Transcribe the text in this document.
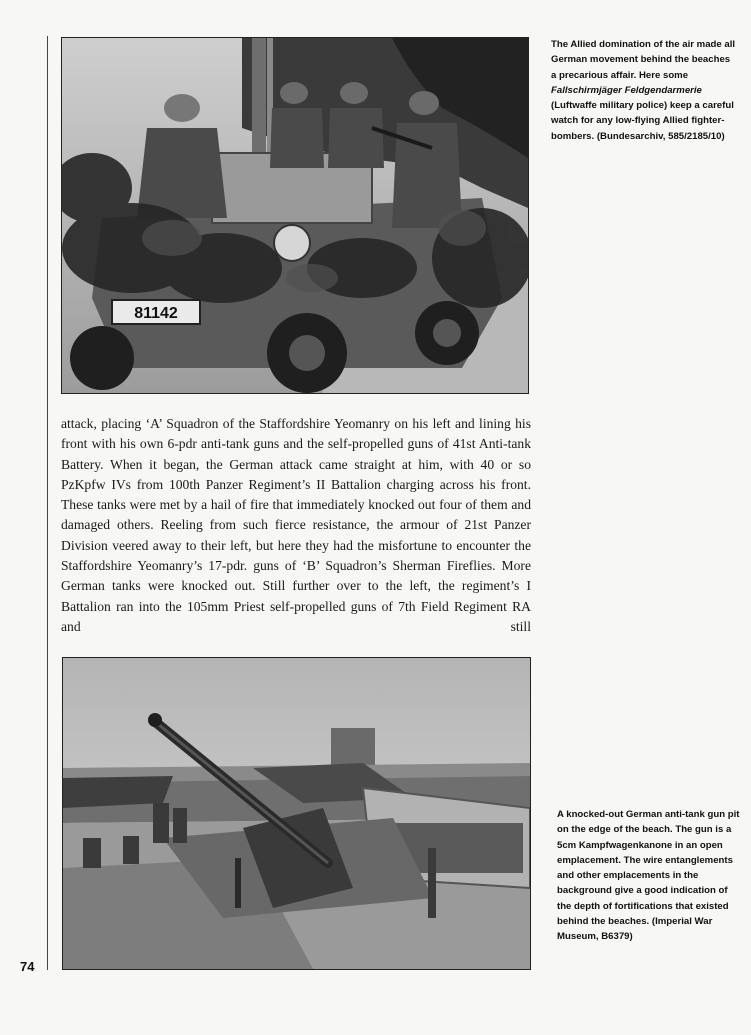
81142
The Allied domination of the air made all German movement behind the beaches a precarious affair. Here some Fallschirmjäger Feldgendarmerie (Luftwaffe military police) keep a careful watch for any low-flying Allied fighter-bombers. (Bundesarchiv, 585/2185/10)

attack, placing ‘A’ Squadron of the Staffordshire Yeomanry on his left and lining his front with his own 6-pdr anti-tank guns and the self-propelled guns of 41st Anti-tank Battery. When it began, the German attack came straight at him, with 40 or so PzKpfw IVs from 100th Panzer Regiment’s II Battalion charging across his front. These tanks were met by a hail of fire that immediately knocked out four of them and damaged others. Reeling from such fierce resistance, the armour of 21st Panzer Division veered away to their left, but here they had the misfortune to encounter the Staffordshire Yeomanry’s 17-pdr. guns of ‘B’ Squadron’s Sherman Fireflies. More German tanks were knocked out. Still further over to the left, the regiment’s I Battalion ran into the 105mm Priest self-propelled guns of 7th Field Regiment RA and still

A knocked-out German anti-tank gun pit on the edge of the beach. The gun is a 5cm Kampfwagenkanone in an open emplacement. The wire entanglements and other emplacements in the background give a good indication of the depth of fortifications that existed behind the beaches. (Imperial War Museum, B6379)
74
